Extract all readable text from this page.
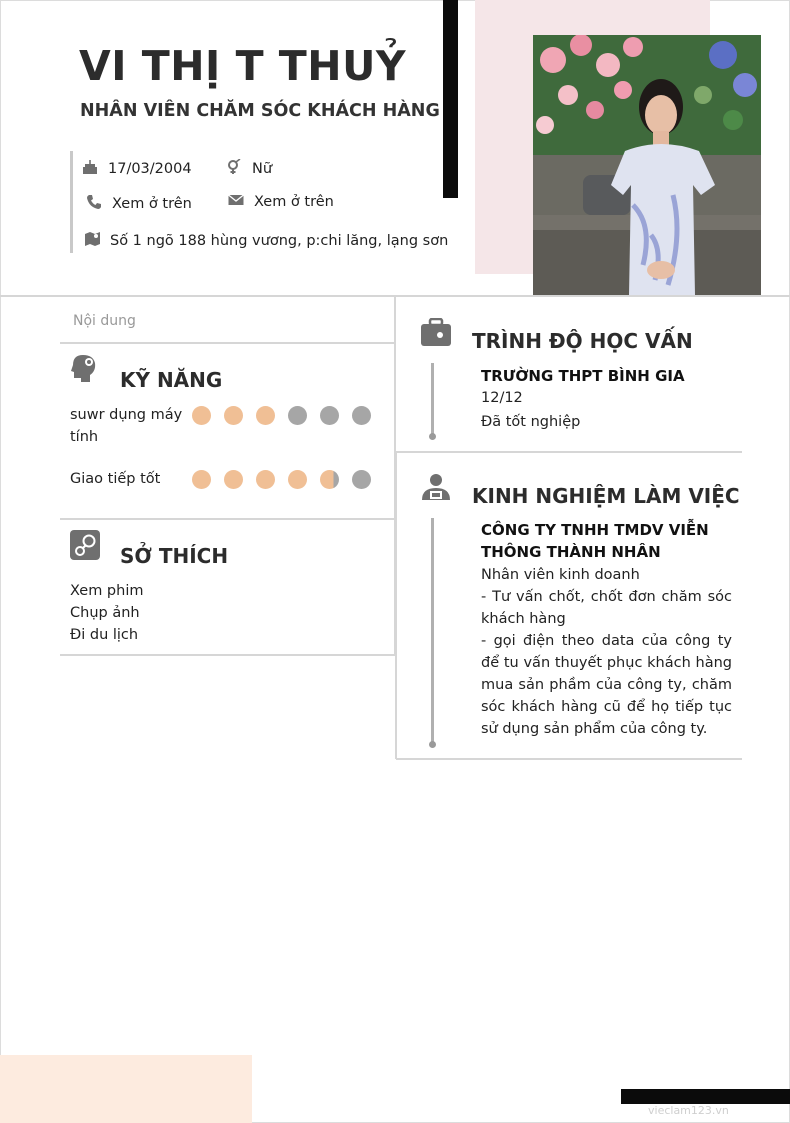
VI THỊ T THUỶ
NHÂN VIÊN CHĂM SÓC KHÁCH HÀNG
17/03/2004	Nữ
Xem ở trên	Xem ở trên
Số 1 ngõ 188 hùng vương, p:chi lăng, lạng sơn
Nội dung
KỸ NĂNG
suwr dụng máy tính
Giao tiếp tốt
SỞ THÍCH
Xem phim
Chụp ảnh
Đi du lịch
TRÌNH ĐỘ HỌC VẤN
TRƯỜNG THPT BÌNH GIA
12/12
Đã tốt nghiệp
KINH NGHIỆM LÀM VIỆC
CÔNG TY TNHH TMDV VIỄN THÔNG THÀNH NHÂN
Nhân viên kinh doanh
- Tư vấn chốt, chốt đơn chăm sóc khách hàng
- gọi điện theo data của công ty để tu vấn thuyết phục khách hàng mua sản phầm của công ty, chăm sóc khách hàng cũ để họ tiếp tục sử dụng sản phẩm của công ty.
vieclam123.vn
